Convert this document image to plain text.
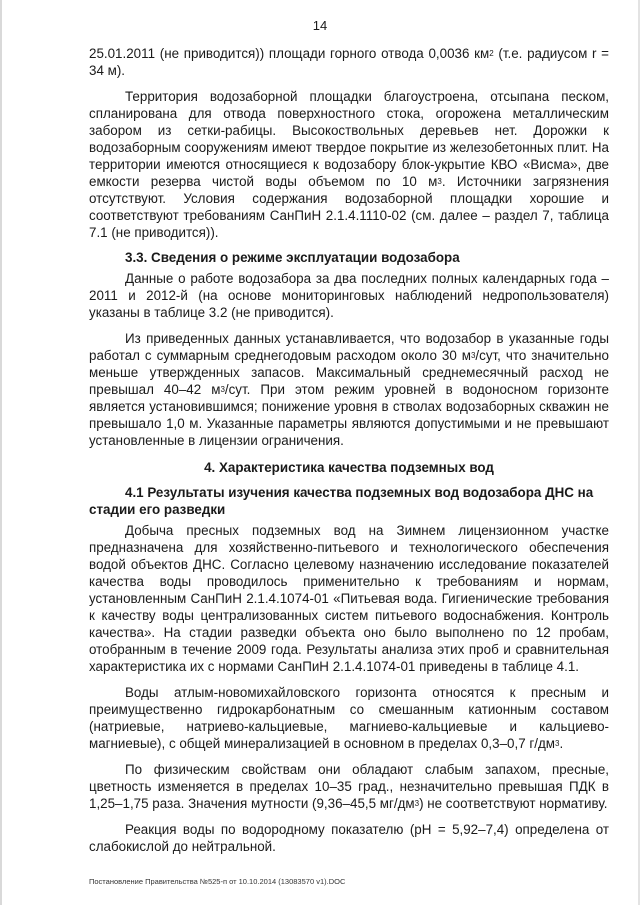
14

25.01.2011 (не приводится)) площади горного отвода 0,0036 $км^2$ (т.е. радиусом r = 34 м).

Территория водозаборной площадки благоустроена, отсыпана песком, спланирована для отвода поверхностного стока, огорожена металлическим забором из сетки-рабицы. Высокоствольных деревьев нет. Дорожки к водозаборным сооружениям имеют твердое покрытие из железобетонных плит. На территории имеются относящиеся к водозабору блок-укрытие КВО «Висма», две емкости резерва чистой воды объемом по 10 $м^3$. Источники загрязнения отсутствуют. Условия содержания водозаборной площадки хорошие и соответствуют требованиям СанПиН 2.1.4.1110-02 (см. далее – раздел 7, таблица 7.1 (не приводится)).

3.3. Сведения о режиме эксплуатации водозабора

Данные о работе водозабора за два последних полных календарных года – 2011 и 2012-й (на основе мониторинговых наблюдений недропользователя) указаны в таблице 3.2 (не приводится).

Из приведенных данных устанавливается, что водозабор в указанные годы работал с суммарным среднегодовым расходом около 30 $м^3$/сут, что значительно меньше утвержденных запасов. Максимальный среднемесячный расход не превышал 40–42 $м^3$/сут. При этом режим уровней в водоносном горизонте является установившимся; понижение уровня в стволах водозаборных скважин не превышало 1,0 м. Указанные параметры являются допустимыми и не превышают установленные в лицензии ограничения.

4. Характеристика качества подземных вод
4.1 Результаты изучения качества подземных вод водозабора ДНС на стадии его разведки

Добыча пресных подземных вод на Зимнем лицензионном участке предназначена для хозяйственно-питьевого и технологического обеспечения водой объектов ДНС. Согласно целевому назначению исследование показателей качества воды проводилось применительно к требованиям и нормам, установленным СанПиН 2.1.4.1074-01 «Питьевая вода. Гигиенические требования к качеству воды централизованных систем питьевого водоснабжения. Контроль качества». На стадии разведки объекта оно было выполнено по 12 пробам, отобранным в течение 2009 года. Результаты анализа этих проб и сравнительная характеристика их с нормами СанПиН 2.1.4.1074-01 приведены в таблице 4.1.

Воды атлым-новомихайловского горизонта относятся к пресным и преимущественно гидрокарбонатным со смешанным катионным составом (натриевые, натриево-кальциевые, магниево-кальциевые и кальциево-магниевые), с общей минерализацией в основном в пределах 0,3–0,7 $г/дм^3$.

По физическим свойствам они обладают слабым запахом, пресные, цветность изменяется в пределах 10–35 град., незначительно превышая ПДК в 1,25–1,75 раза. Значения мутности (9,36–45,5 $мг/дм^3$) не соответствуют нормативу.

Реакция воды по водородному показателю (pH = 5,92–7,4) определена от слабокислой до нейтральной.

Постановление Правительства №525-п от 10.10.2014 (13083570 v1).DOC
